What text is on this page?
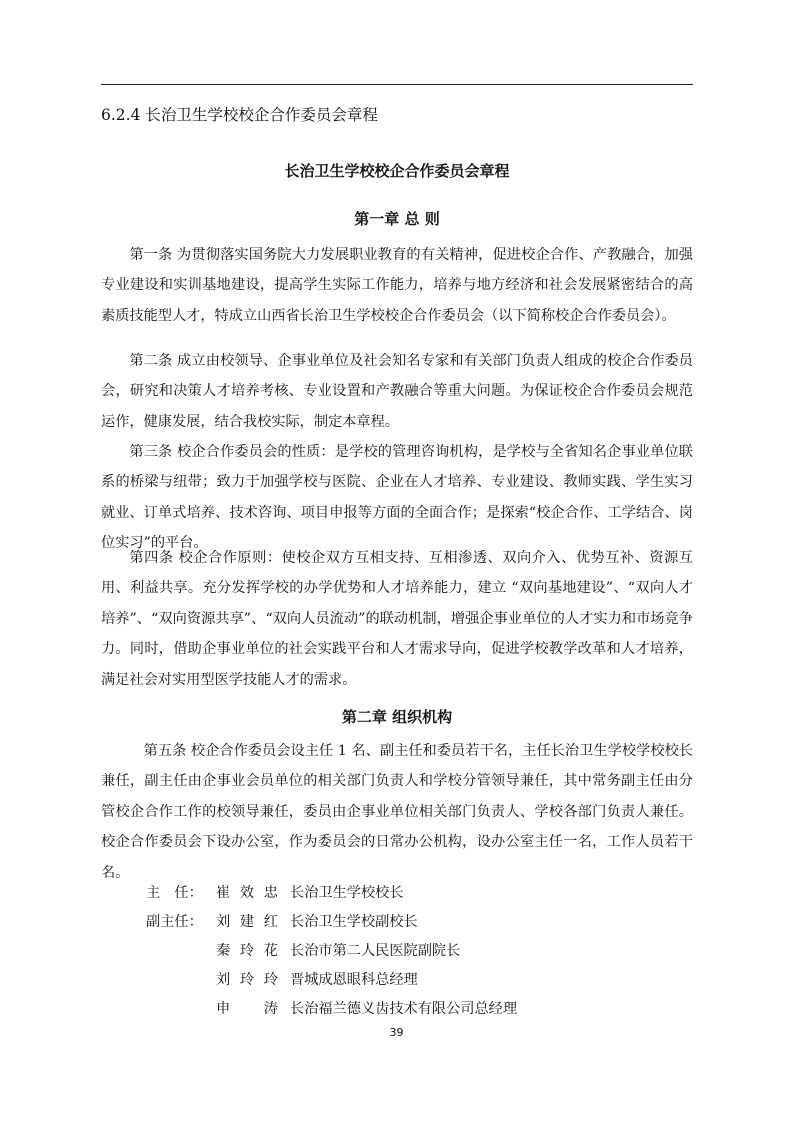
6.2.4 长治卫生学校校企合作委员会章程
长治卫生学校校企合作委员会章程
第一章 总 则

第一条 为贯彻落实国务院大力发展职业教育的有关精神，促进校企合作、产教融合，加强专业建设和实训基地建设，提高学生实际工作能力，培养与地方经济和社会发展紧密结合的高素质技能型人才，特成立山西省长治卫生学校校企合作委员会（以下简称校企合作委员会）。

第二条 成立由校领导、企事业单位及社会知名专家和有关部门负责人组成的校企合作委员会，研究和决策人才培养考核、专业设置和产教融合等重大问题。为保证校企合作委员会规范运作，健康发展，结合我校实际，制定本章程。

第三条 校企合作委员会的性质：是学校的管理咨询机构，是学校与全省知名企事业单位联系的桥梁与纽带；致力于加强学校与医院、企业在人才培养、专业建设、教师实践、学生实习就业、订单式培养、技术咨询、项目申报等方面的全面合作；是探索“校企合作、工学结合、岗位实习”的平台。

第四条 校企合作原则：使校企双方互相支持、互相渗透、双向介入、优势互补、资源互用、利益共享。充分发挥学校的办学优势和人才培养能力，建立 “双向基地建设”、“双向人才培养”、“双向资源共享”、“双向人员流动”的联动机制，增强企事业单位的人才实力和市场竞争力。同时，借助企事业单位的社会实践平台和人才需求导向，促进学校教学改革和人才培养，满足社会对实用型医学技能人才的需求。

第二章 组织机构

第五条 校企合作委员会设主任 1 名、副主任和委员若干名，主任长治卫生学校学校校长兼任，副主任由企事业会员单位的相关部门负责人和学校分管领导兼任，其中常务副主任由分管校企合作工作的校领导兼任，委员由企事业单位相关部门负责人、学校各部门负责人兼任。校企合作委员会下设办公室，作为委员会的日常办公机构，设办公室主任一名，工作人员若干名。

主　任： 崔效忠 长治卫生学校校长
副主任： 刘建红 长治卫生学校副校长
秦玲花 长治市第二人民医院副院长
刘玲玲 晋城成恩眼科总经理
申涛 长治福兰德义齿技术有限公司总经理
39
